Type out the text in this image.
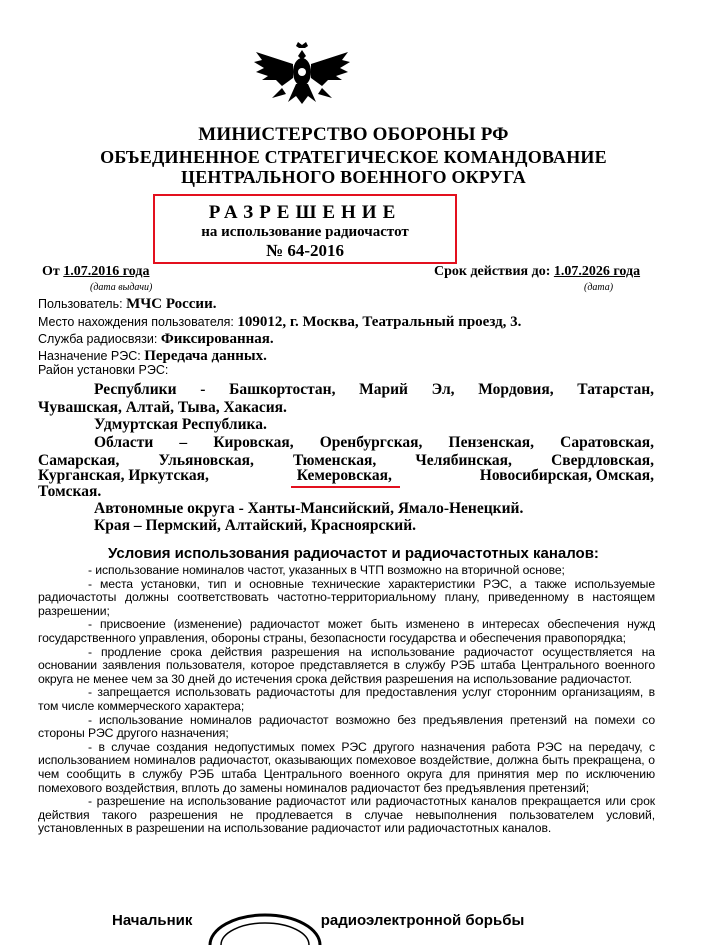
МИНИСТЕРСТВО ОБОРОНЫ РФ
ОБЪЕДИНЕННОЕ СТРАТЕГИЧЕСКОЕ КОМАНДОВАНИЕ
ЦЕНТРАЛЬНОГО ВОЕННОГО ОКРУГА
РАЗРЕШЕНИЕ
на использование радиочастот
№ 64-2016
От 1.07.2016 года
(дата выдачи)
Срок действия до: 1.07.2026 года
(дата)
Пользователь: МЧС России.
Место нахождения пользователя: 109012, г. Москва, Театральный проезд, 3.
Служба радиосвязи: Фиксированная.
Назначение РЭС: Передача данных.
Район установки РЭС:
Республики - Башкортостан, Марий Эл, Мордовия, Татарстан,
Чувашская, Алтай, Тыва, Хакасия.
Удмуртская Республика.
Области – Кировская, Оренбургская, Пензенская, Саратовская,
Самарская, Ульяновская, Тюменская, Челябинская, Свердловская,
Курганская, Иркутская,	Кемеровская,	Новосибирская, Омская,
Томская.
Автономные округа - Ханты-Мансийский, Ямало-Ненецкий.
Края – Пермский, Алтайский, Красноярский.
Условия использования радиочастот и радиочастотных каналов:

- использование номиналов частот, указанных в ЧТП возможно на вторичной основе;

- места установки, тип и основные технические характеристики РЭС, а также используемые радиочастоты должны соответствовать частотно-территориальному плану, приведенному в настоящем разрешении;

- присвоение (изменение) радиочастот может быть изменено в интересах обеспечения нужд государственного управления, обороны страны, безопасности государства и обеспечения правопорядка;

- продление срока действия разрешения на использование радиочастот осуществляется на основании заявления пользователя, которое представляется в службу РЭБ штаба Центрального военного округа не менее чем за 30 дней до истечения срока действия разрешения на использование радиочастот.

- запрещается использовать радиочастоты для предоставления услуг сторонним организациям, в том числе коммерческого характера;

- использование номиналов радиочастот возможно без предъявления претензий на помехи со стороны РЭС другого назначения;

- в случае создания недопустимых помех РЭС другого назначения работа РЭС на передачу, с использованием номиналов радиочастот, оказывающих помеховое воздействие, должна быть прекращена, о чем сообщить в службу РЭБ штаба Центрального военного округа для принятия мер по исключению помехового воздействия, вплоть до замены номиналов радиочастот без предъявления претензий;

- разрешение на использование радиочастот или радиочастотных каналов прекращается или срок действия такого разрешения не продлевается в случае невыполнения пользователем условий, установленных в разрешении на использование радиочастот или радиочастотных каналов.

Начальник	радиоэлектронной борьбы
